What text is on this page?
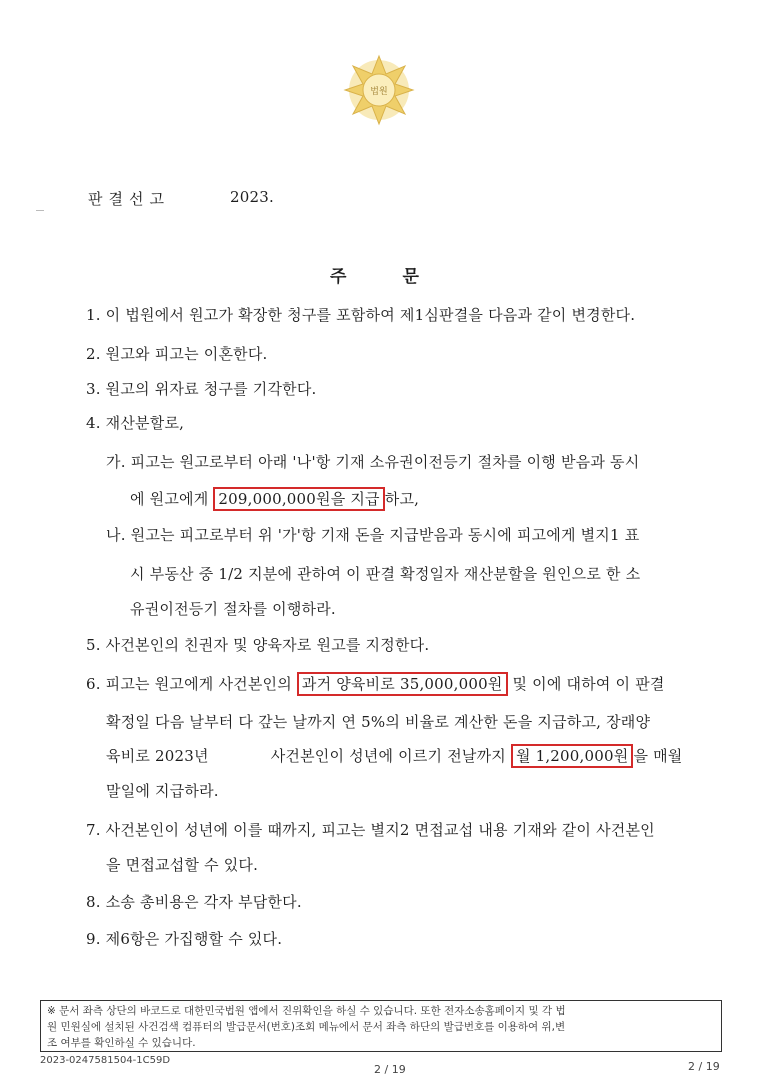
법원
판결선고	2023.
주	문
1. 이 법원에서 원고가 확장한 청구를 포함하여 제1심판결을 다음과 같이 변경한다.
2. 원고와 피고는 이혼한다.
3. 원고의 위자료 청구를 기각한다.
4. 재산분할로,
가. 피고는 원고로부터 아래 '나'항 기재 소유권이전등기 절차를 이행 받음과 동시
에 원고에게 209,000,000원을 지급 하고,
나. 원고는 피고로부터 위 '가'항 기재 돈을 지급받음과 동시에 피고에게 별지1 표
시 부동산 중 1/2 지분에 관하여 이 판결 확정일자 재산분할을 원인으로 한 소
유권이전등기 절차를 이행하라.
5. 사건본인의 친권자 및 양육자로 원고를 지정한다.
6. 피고는 원고에게 사건본인의 과거 양육비로 35,000,000원 및 이에 대하여 이 판결
확정일 다음 날부터 다 갚는 날까지 연 5%의 비율로 계산한 돈을 지급하고, 장래양
육비로 2023년	사건본인이 성년에 이르기 전날까지 월 1,200,000원 을 매월
말일에 지급하라.
7. 사건본인이 성년에 이를 때까지, 피고는 별지2 면접교섭 내용 기재와 같이 사건본인
을 면접교섭할 수 있다.
8. 소송 총비용은 각자 부담한다.
9. 제6항은 가집행할 수 있다.
※ 문서 좌측 상단의 바코드로 대한민국법원 앱에서 진위확인을 하실 수 있습니다. 또한 전자소송홈페이지 및 각 법
원 민원실에 설치된 사건검색 컴퓨터의 발급문서(번호)조회 메뉴에서 문서 좌측 하단의 발급번호를 이용하여 위,변
조 여부를 확인하실 수 있습니다.
2023-0247581504-1C59D
2 / 19	2 / 19
